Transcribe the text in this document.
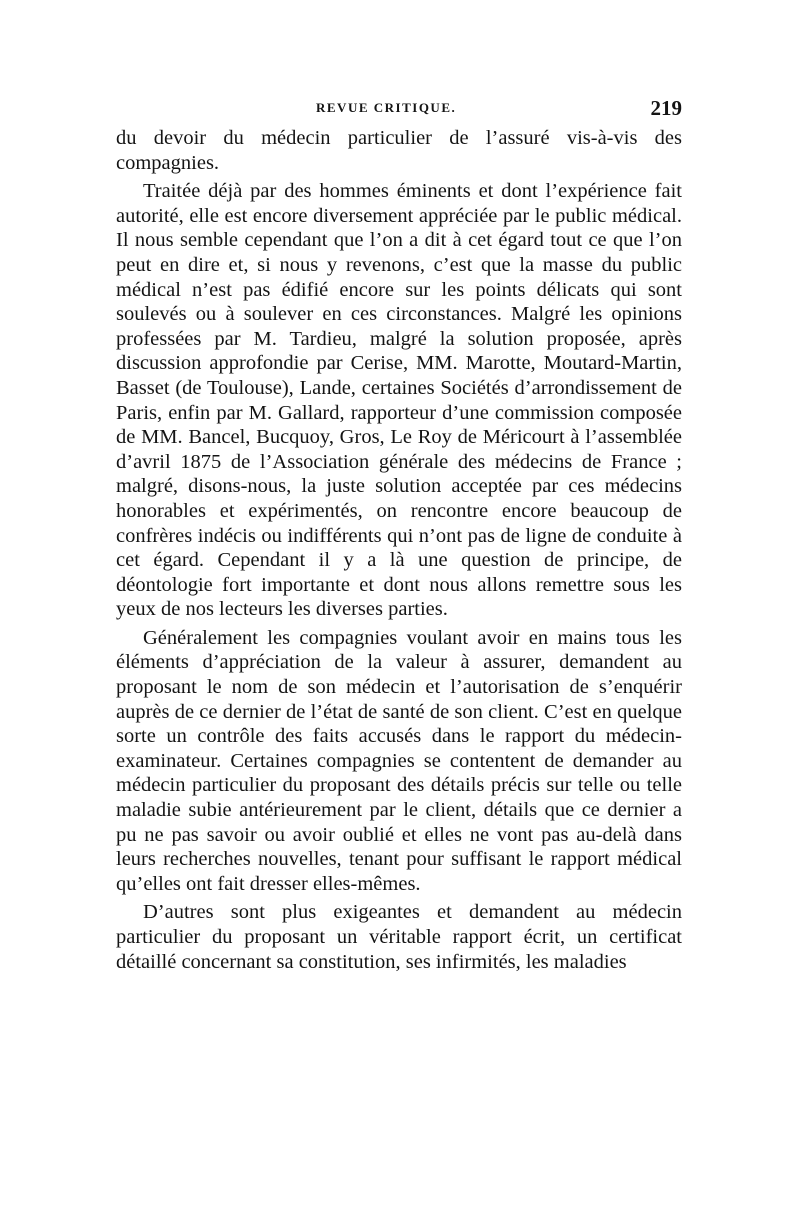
REVUE CRITIQUE.	219

du devoir du médecin particulier de l’assuré vis-à-vis des compagnies.

Traitée déjà par des hommes éminents et dont l’expérience fait autorité, elle est encore diversement appréciée par le public médical. Il nous semble cependant que l’on a dit à cet égard tout ce que l’on peut en dire et, si nous y revenons, c’est que la masse du public médical n’est pas édifié encore sur les points délicats qui sont soulevés ou à soulever en ces circonstances. Malgré les opinions professées par M. Tardieu, malgré la solution proposée, après discussion approfondie par Cerise, MM. Marotte, Moutard-Martin, Basset (de Toulouse), Lande, certaines Sociétés d’arrondissement de Paris, enfin par M. Gallard, rapporteur d’une commission composée de MM. Bancel, Bucquoy, Gros, Le Roy de Méricourt à l’assemblée d’avril 1875 de l’Association générale des médecins de France ; malgré, disons-nous, la juste solution acceptée par ces médecins honorables et expérimentés, on rencontre encore beaucoup de confrères indécis ou indifférents qui n’ont pas de ligne de conduite à cet égard. Cependant il y a là une question de principe, de déontologie fort importante et dont nous allons remettre sous les yeux de nos lecteurs les diverses parties.

Généralement les compagnies voulant avoir en mains tous les éléments d’appréciation de la valeur à assurer, demandent au proposant le nom de son médecin et l’autorisation de s’enquérir auprès de ce dernier de l’état de santé de son client. C’est en quelque sorte un contrôle des faits accusés dans le rapport du médecin-examinateur. Certaines compagnies se contentent de demander au médecin particulier du proposant des détails précis sur telle ou telle maladie subie antérieurement par le client, détails que ce dernier a pu ne pas savoir ou avoir oublié et elles ne vont pas au-delà dans leurs recherches nouvelles, tenant pour suffisant le rapport médical qu’elles ont fait dresser elles-mêmes.

D’autres sont plus exigeantes et demandent au médecin particulier du proposant un véritable rapport écrit, un certificat détaillé concernant sa constitution, ses infirmités, les maladies
